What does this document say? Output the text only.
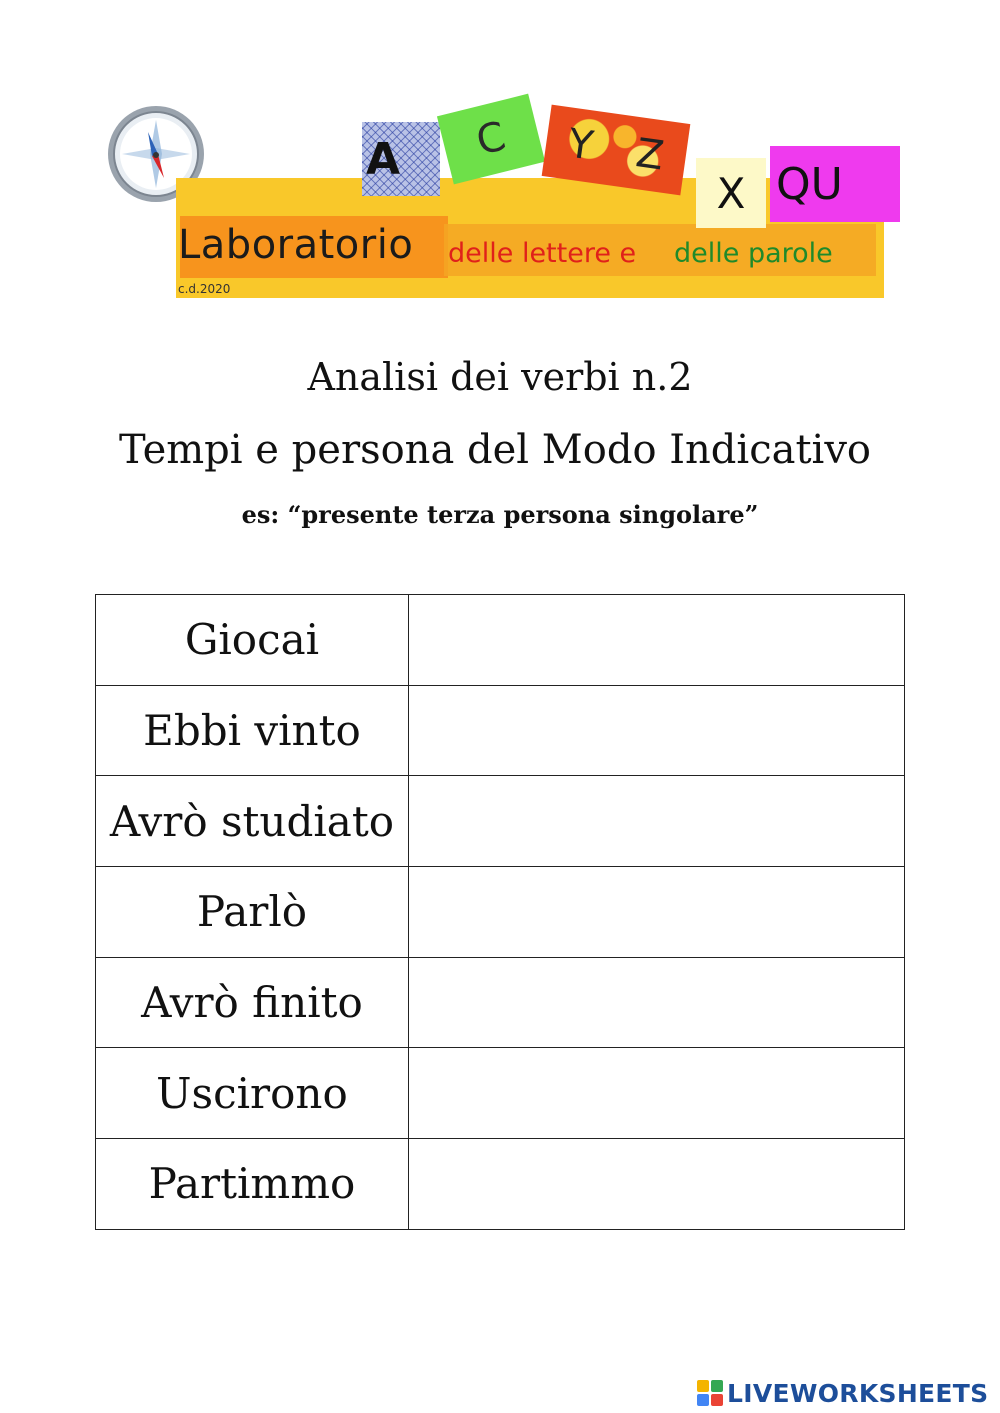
A C Y Z
X QU
Laboratorio delle lettere e delle parole
c.d.2020
Analisi dei verbi n.2
Tempi e persona del Modo Indicativo
es: “presente terza persona singolare”
Giocai	
Ebbi vinto	
Avrò studiato	
Parlò	
Avrò finito	
Uscirono	
Partimmo	
LIVEWORKSHEETS
